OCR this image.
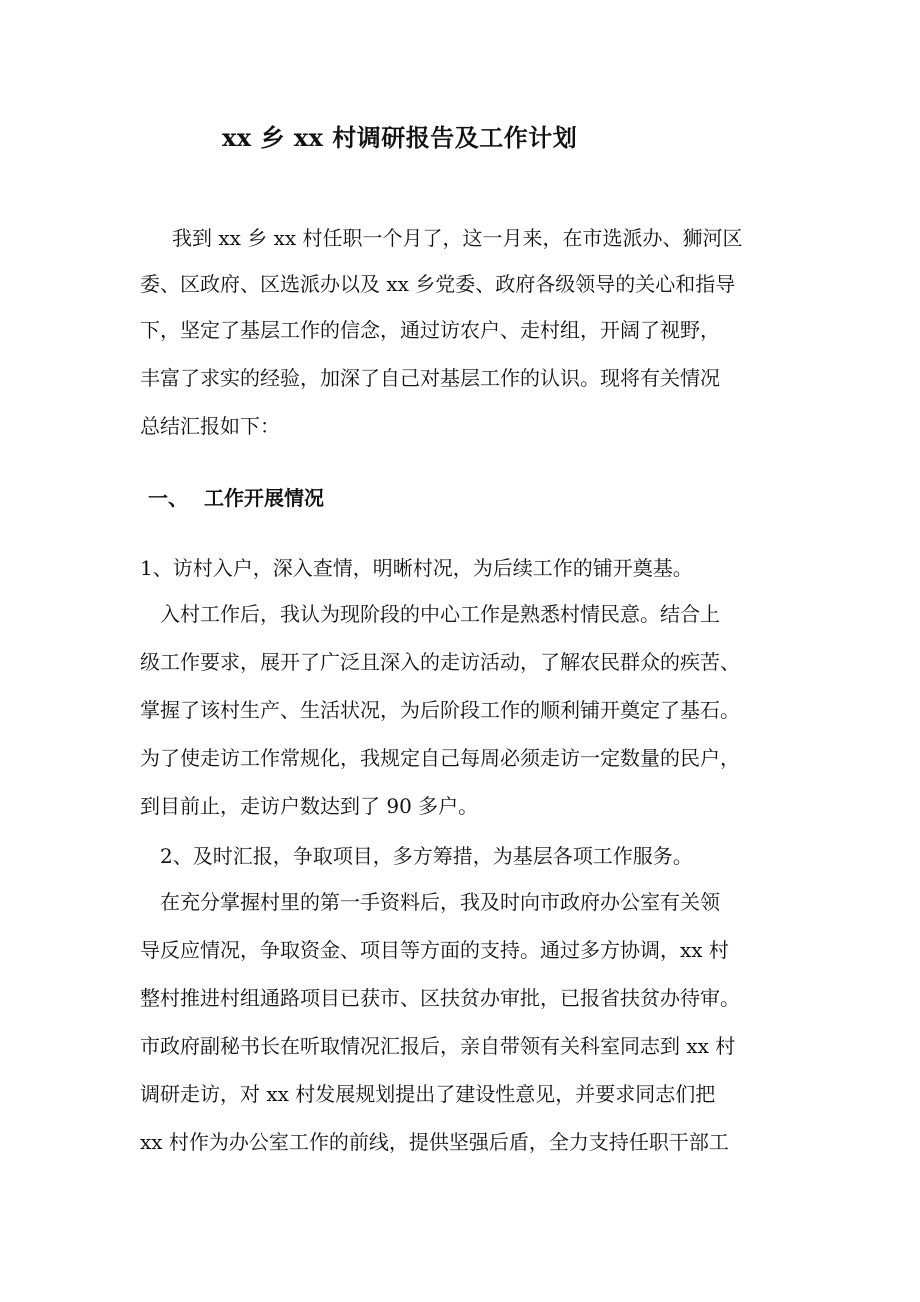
xx 乡 xx 村调研报告及工作计划
我到 xx 乡 xx 村任职一个月了，这一月来，在市选派办、狮河区
委、区政府、区选派办以及 xx 乡党委、政府各级领导的关心和指导
下，坚定了基层工作的信念，通过访农户、走村组，开阔了视野，
丰富了求实的经验，加深了自己对基层工作的认识。现将有关情况
总结汇报如下：
一、 工作开展情况
1、访村入户，深入查情，明晰村况，为后续工作的铺开奠基。
入村工作后，我认为现阶段的中心工作是熟悉村情民意。结合上
级工作要求，展开了广泛且深入的走访活动，了解农民群众的疾苦、
掌握了该村生产、生活状况，为后阶段工作的顺利铺开奠定了基石。
为了使走访工作常规化，我规定自己每周必须走访一定数量的民户，
到目前止，走访户数达到了 90 多户。
2、及时汇报，争取项目，多方筹措，为基层各项工作服务。
在充分掌握村里的第一手资料后，我及时向市政府办公室有关领
导反应情况，争取资金、项目等方面的支持。通过多方协调，xx 村
整村推进村组通路项目已获市、区扶贫办审批，已报省扶贫办待审。
市政府副秘书长在听取情况汇报后，亲自带领有关科室同志到 xx 村
调研走访，对 xx 村发展规划提出了建设性意见，并要求同志们把
xx 村作为办公室工作的前线，提供坚强后盾，全力支持任职干部工
